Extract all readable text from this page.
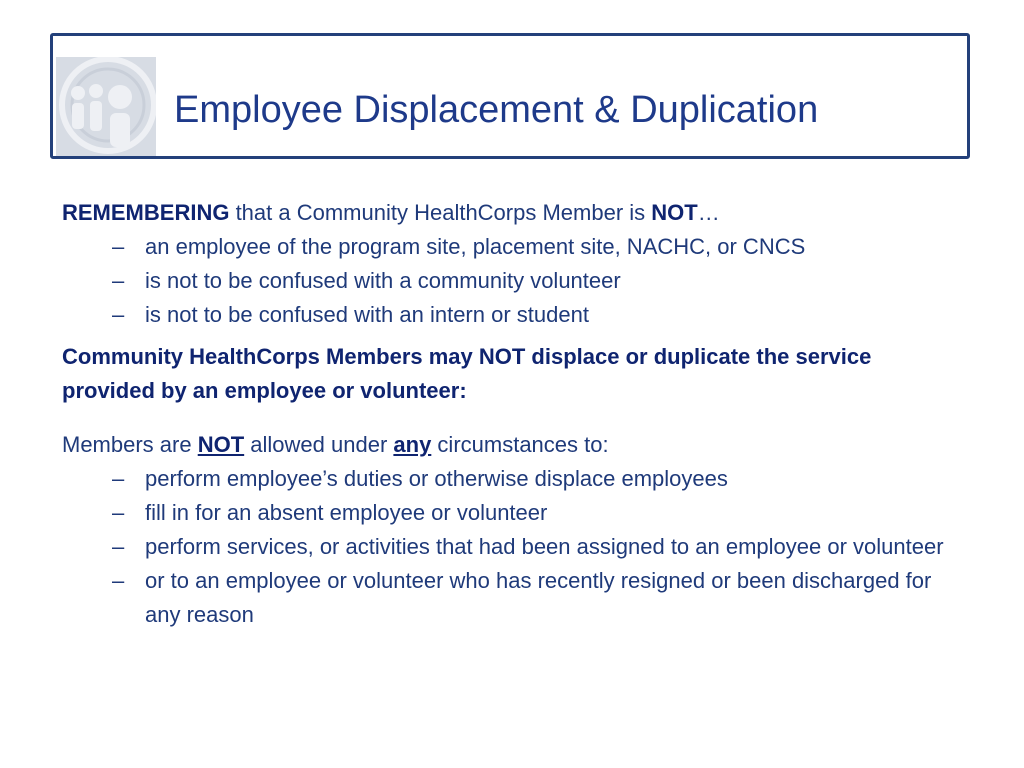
Employee Displacement & Duplication
REMEMBERING that a Community HealthCorps Member is NOT…
– an employee of the program site, placement site, NACHC, or CNCS
– is not to be confused with a community volunteer
– is not to be confused with an intern or student
Community HealthCorps Members may NOT displace or duplicate the service provided by an employee or volunteer:
Members are NOT allowed under any circumstances to:
– perform employee’s duties or otherwise displace employees
– fill in for an absent employee or volunteer
– perform services, or activities that had been assigned to an employee or volunteer
– or to an employee or volunteer who has recently resigned or been discharged for any reason
